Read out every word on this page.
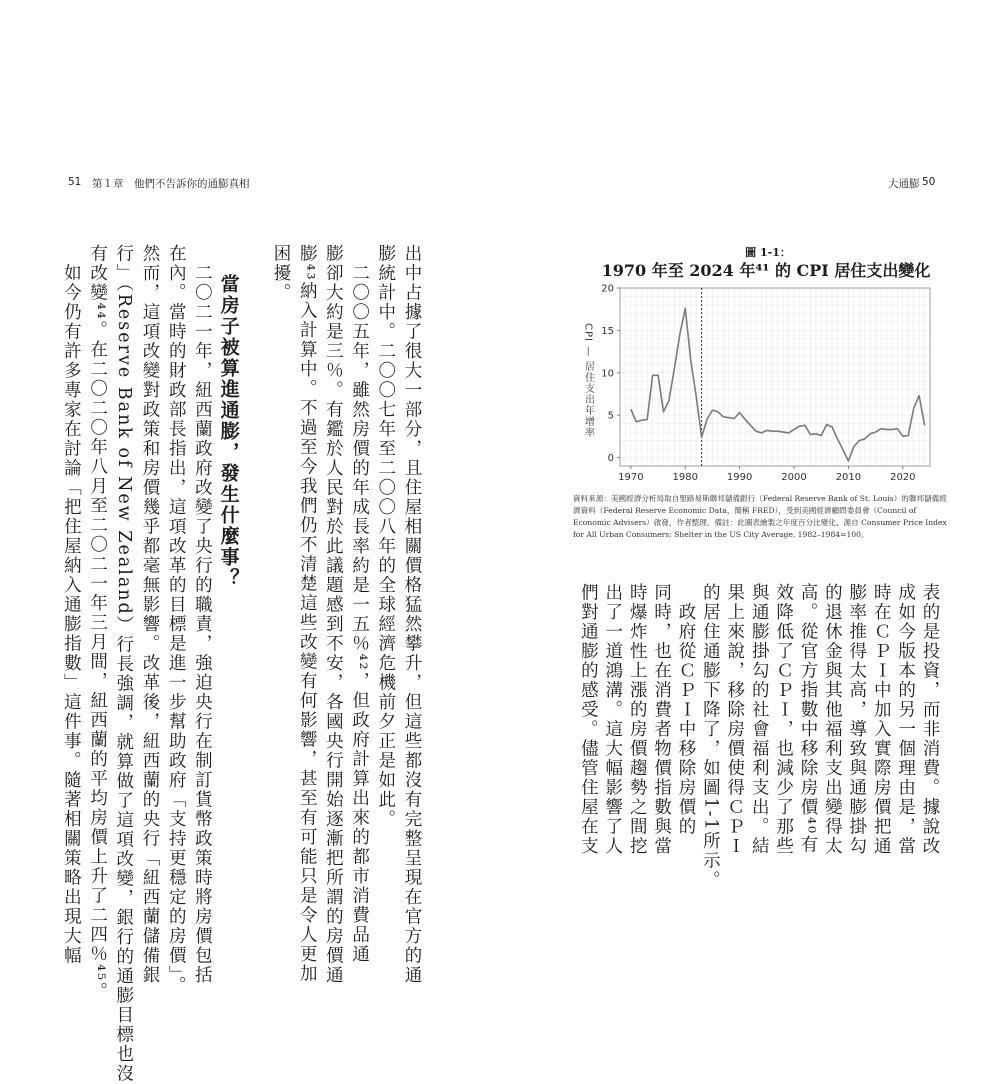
51 第１章　他們不告訴你的通膨真相
出中占據了很大一部分，且住屋相關價格猛然攀升，但這些都沒有完整呈現在官方的通
膨統計中。二〇〇七年至二〇〇八年的全球經濟危機前夕正是如此。
　二〇〇五年，雖然房價的年成長率約是一五％⁴²，但政府計算出來的都市消費品通
膨卻大約是三％。有鑑於人民對於此議題感到不安，各國央行開始逐漸把所謂的房價通
膨⁴³納入計算中。不過至今我們仍不清楚這些改變有何影響，甚至有可能只是令人更加
困擾。
當房子被算進通膨，發生什麼事？
　二〇二一年，紐西蘭政府改變了央行的職責，強迫央行在制訂貨幣政策時將房價包括
在內。當時的財政部長指出，這項改革的目標是進一步幫助政府「支持更穩定的房價」。
然而，這項改變對政策和房價幾乎都毫無影響。改革後，紐西蘭的央行「紐西蘭儲備銀
行」（Reserve Bank of New Zealand）行長強調，就算做了這項改變，銀行的通膨目標也沒
有改變⁴⁴。在二〇二〇年八月至二〇二一年三月間，紐西蘭的平均房價上升了二四％⁴⁵。
　如今仍有許多專家在討論「把住屋納入通膨指數」這件事。隨著相關策略出現大幅
大通膨 50
圖 1-1：
1970 年至 2024 年⁴¹ 的 CPI 居住支出變化
0
5
10
15
20
1970	1980	1990	2000	2010	2020
CPI — 居住支出年增率
資料來源：美國經濟分析局取自聖路易斯聯邦儲備銀行（Federal Reserve Bank of St. Louis）的聯邦儲備經濟資料（Federal Reserve Economic Data，簡稱 FRED），受到美國經濟顧問委員會（Council of Economic Advisers）啟發，作者整理。備註：此圖表繪製之年度百分比變化，源自 Consumer Price Index for All Urban Consumers: Shelter in the US City Average, 1982–1984=100。
表的是投資，而非消費。據說改
成如今版本的另一個理由是，當
時在ＣＰＩ中加入實際房價把通
膨率推得太高，導致與通膨掛勾
的退休金與其他福利支出變得太
高。從官方指數中移除房價⁴⁰有
效降低了ＣＰＩ，也減少了那些
與通膨掛勾的社會福利支出。結
果上來說，移除房價使得ＣＰＩ
的居住通膨下降了，如圖1-1所示。
　政府從ＣＰＩ中移除房價的
同時，也在消費者物價指數與當
時爆炸性上漲的房價趨勢之間挖
出了一道鴻溝。這大幅影響了人
們對通膨的感受。儘管住屋在支
